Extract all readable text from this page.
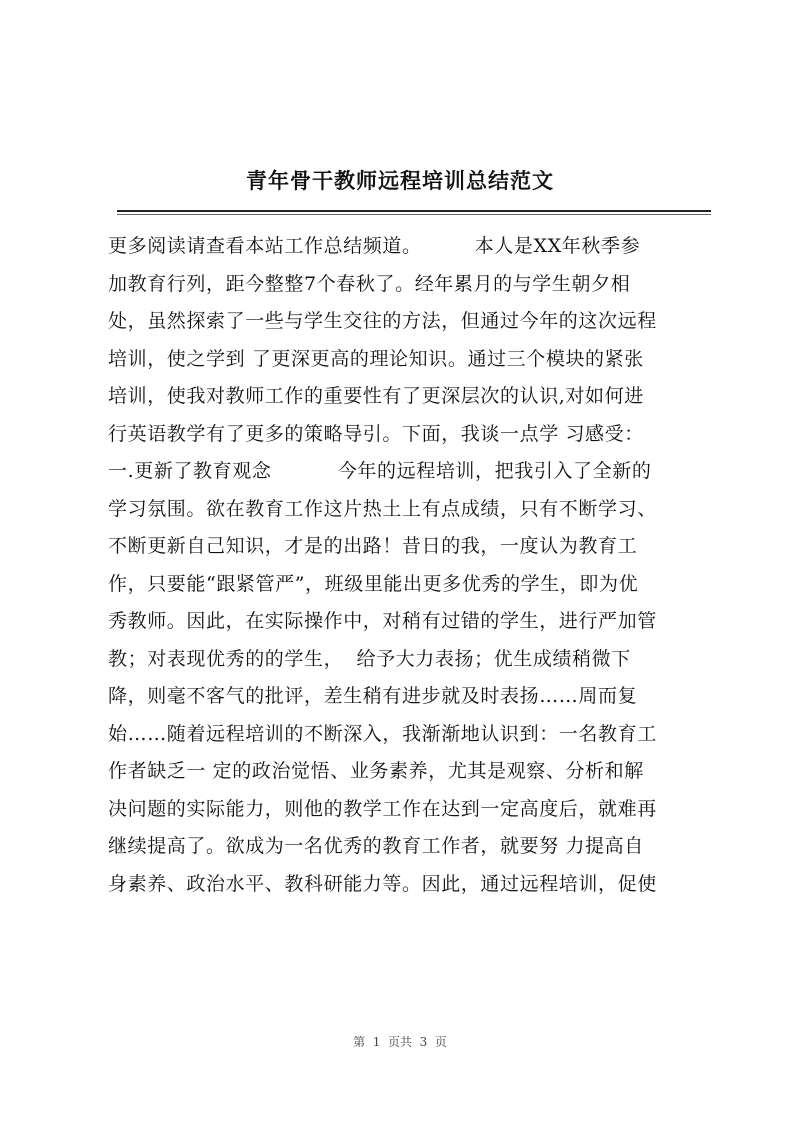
青年骨干教师远程培训总结范文
更多阅读请查看本站工作总结频道。        本人是XX年秋季参
加教育行列，距今整整7个春秋了。经年累月的与学生朝夕相
处，虽然探索了一些与学生交往的方法，但通过今年的这次远程
培训，使之学到 了更深更高的理论知识。通过三个模块的紧张
培训，使我对教师工作的重要性有了更深层次的认识,对如何进
行英语教学有了更多的策略导引。下面，我谈一点学 习感受：
一.更新了教育观念          今年的远程培训，把我引入了全新的
学习氛围。欲在教育工作这片热土上有点成绩，只有不断学习、
不断更新自己知识，才是的出路！昔日的我，一度认为教育工
作，只要能“跟紧管严”，班级里能出更多优秀的学生，即为优
秀教师。因此，在实际操作中，对稍有过错的学生，进行严加管
教；对表现优秀的的学生，  给予大力表扬；优生成绩稍微下
降，则毫不客气的批评，差生稍有进步就及时表扬……周而复
始……随着远程培训的不断深入，我渐渐地认识到：一名教育工
作者缺乏一 定的政治觉悟、业务素养，尤其是观察、分析和解
决问题的实际能力，则他的教学工作在达到一定高度后，就难再
继续提高了。欲成为一名优秀的教育工作者，就要努 力提高自
身素养、政治水平、教科研能力等。因此，通过远程培训，促使
第  1  页共  3  页
